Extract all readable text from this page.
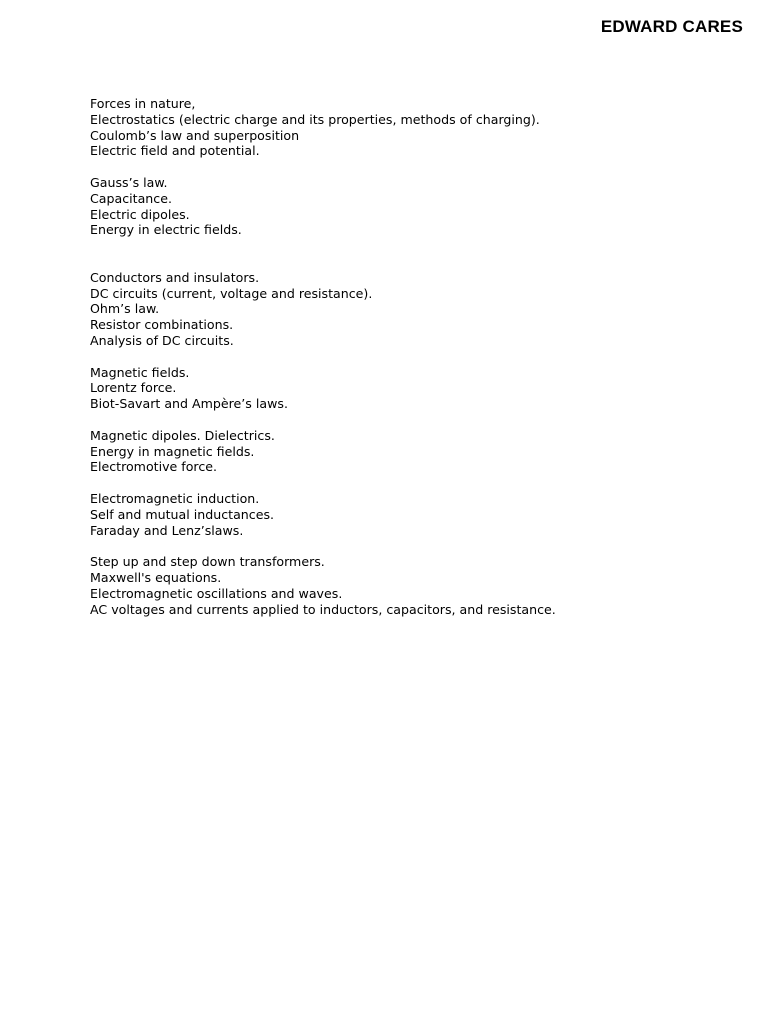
EDWARD CARES
Forces in nature,
Electrostatics (electric charge and its properties, methods of charging).
Coulomb’s law and superposition
Electric field and potential.
Gauss’s law.
Capacitance.
Electric dipoles.
Energy in electric fields.
Conductors and insulators.
DC circuits (current, voltage and resistance).
Ohm’s law.
Resistor combinations.
Analysis of DC circuits.
Magnetic fields.
Lorentz force.
Biot-Savart and Ampère’s laws.
Magnetic dipoles. Dielectrics.
Energy in magnetic fields.
Electromotive force.
Electromagnetic induction.
Self and mutual inductances.
Faraday and Lenz’slaws.
Step up and step down transformers.
Maxwell's equations.
Electromagnetic oscillations and waves.
AC voltages and currents applied to inductors, capacitors, and resistance.
